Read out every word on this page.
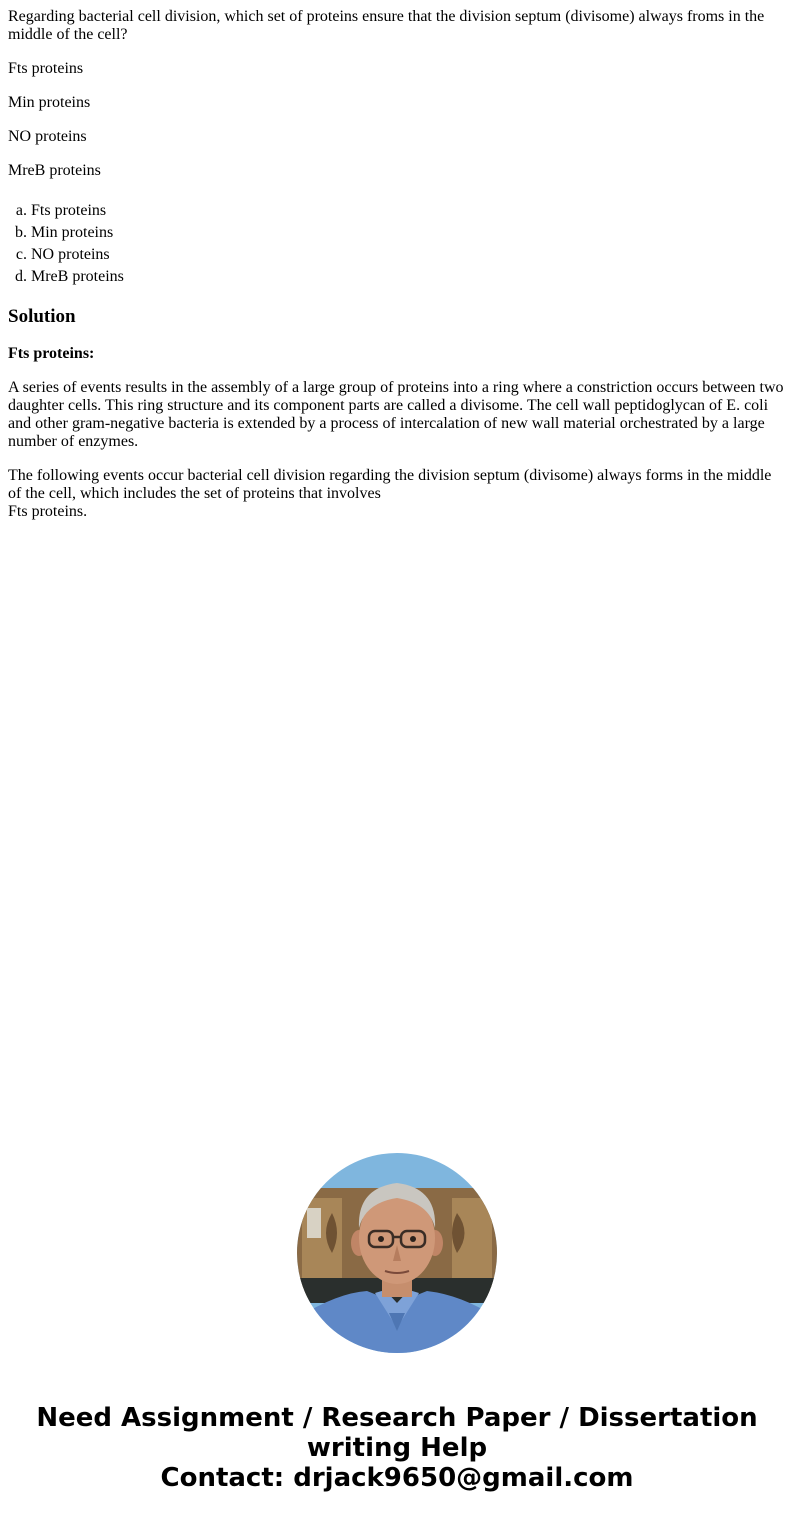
Regarding bacterial cell division, which set of proteins ensure that the division septum (divisome) always froms in the middle of the cell?

Fts proteins

Min proteins

NO proteins

MreB proteins

a. Fts proteins
b. Min proteins
c. NO proteins
d. MreB proteins
Solution

Fts proteins:

A series of events results in the assembly of a large group of proteins into a ring where a constriction occurs between two daughter cells. This ring structure and its component parts are called a divisome. The cell wall peptidoglycan of E. coli and other gram-negative bacteria is extended by a process of intercalation of new wall material orchestrated by a large number of enzymes.

The following events occur bacterial cell division regarding the division septum (divisome) always forms in the middle of the cell, which includes the set of proteins that involves
Fts proteins.

Need Assignment / Research Paper / Dissertation
writing Help
Contact: drjack9650@gmail.com
